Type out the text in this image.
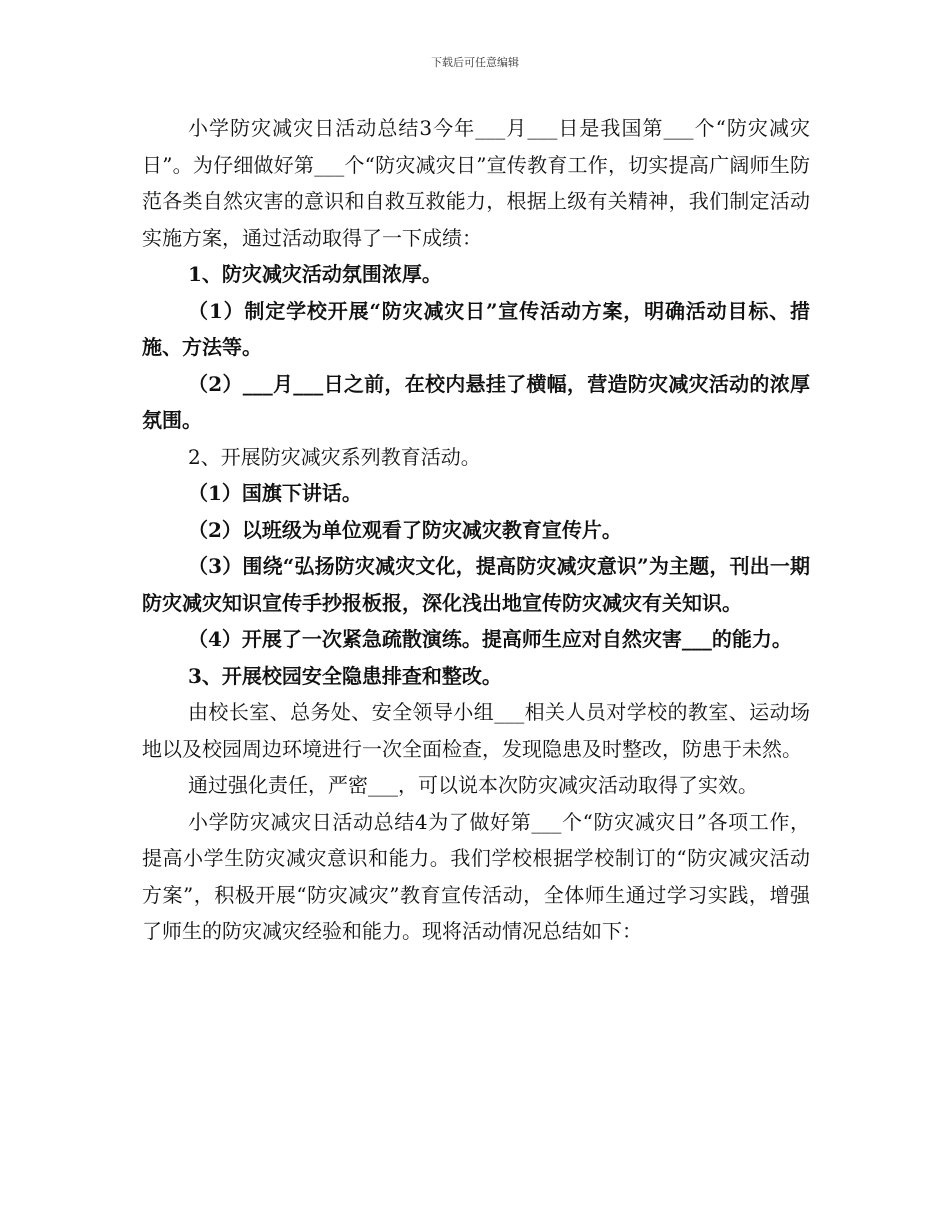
下载后可任意编辑

小学防灾减灾日活动总结3今年___月___日是我国第___个“防灾减灾日”。为仔细做好第___个“防灾减灾日”宣传教育工作，切实提高广阔师生防范各类自然灾害的意识和自救互救能力，根据上级有关精神，我们制定活动实施方案，通过活动取得了一下成绩：

1、防灾减灾活动氛围浓厚。

（1）制定学校开展“防灾减灾日”宣传活动方案，明确活动目标、措施、方法等。

（2）___月___日之前，在校内悬挂了横幅，营造防灾减灾活动的浓厚氛围。

2、开展防灾减灾系列教育活动。

（1）国旗下讲话。

（2）以班级为单位观看了防灾减灾教育宣传片。

（3）围绕“弘扬防灾减灾文化，提高防灾减灾意识”为主题，刊出一期防灾减灾知识宣传手抄报板报，深化浅出地宣传防灾减灾有关知识。

（4）开展了一次紧急疏散演练。提高师生应对自然灾害___的能力。

3、开展校园安全隐患排查和整改。

由校长室、总务处、安全领导小组___相关人员对学校的教室、运动场地以及校园周边环境进行一次全面检查，发现隐患及时整改，防患于未然。

通过强化责任，严密___，可以说本次防灾减灾活动取得了实效。

小学防灾减灾日活动总结4为了做好第___个“防灾减灾日”各项工作，提高小学生防灾减灾意识和能力。我们学校根据学校制订的“防灾减灾活动方案”，积极开展“防灾减灾”教育宣传活动，全体师生通过学习实践，增强了师生的防灾减灾经验和能力。现将活动情况总结如下：
